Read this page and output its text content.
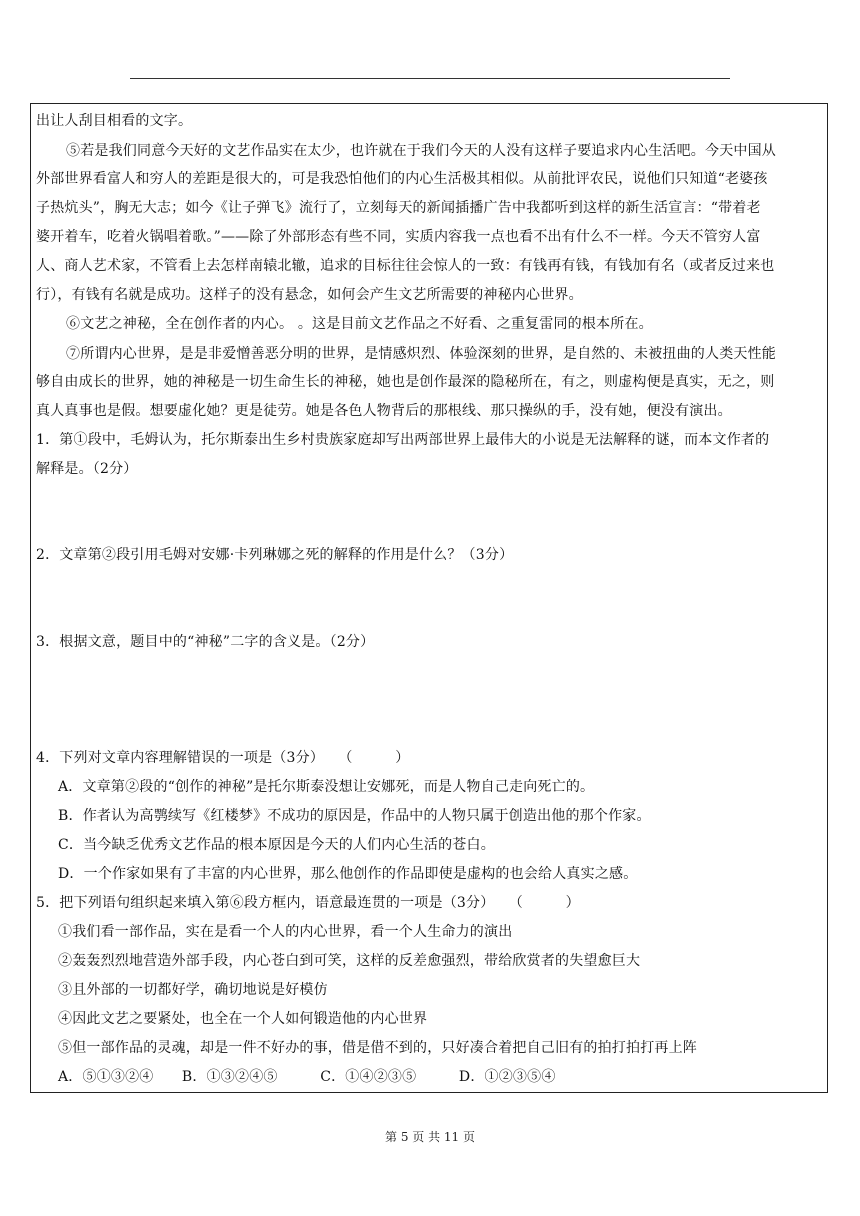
出让人刮目相看的文字。
⑤若是我们同意今天好的文艺作品实在太少，也许就在于我们今天的人没有这样子要追求内心生活吧。今天中国从
外部世界看富人和穷人的差距是很大的，可是我恐怕他们的内心生活极其相似。从前批评农民，说他们只知道“老婆孩
子热炕头”，胸无大志；如今《让子弹飞》流行了，立刻每天的新闻插播广告中我都听到这样的新生活宣言：“带着老
婆开着车，吃着火锅唱着歌。”——除了外部形态有些不同，实质内容我一点也看不出有什么不一样。今天不管穷人富
人、商人艺术家，不管看上去怎样南辕北辙，追求的目标往往会惊人的一致：有钱再有钱，有钱加有名（或者反过来也
行），有钱有名就是成功。这样子的没有悬念，如何会产生文艺所需要的神秘内心世界。
⑥文艺之神秘，全在创作者的内心。 。这是目前文艺作品之不好看、之重复雷同的根本所在。
⑦所谓内心世界，是是非爱憎善恶分明的世界，是情感炽烈、体验深刻的世界，是自然的、未被扭曲的人类天性能
够自由成长的世界，她的神秘是一切生命生长的神秘，她也是创作最深的隐秘所在，有之，则虚构便是真实，无之，则
真人真事也是假。想要虚化她？更是徒劳。她是各色人物背后的那根线、那只操纵的手，没有她，便没有演出。
1．第①段中，毛姆认为，托尔斯泰出生乡村贵族家庭却写出两部世界上最伟大的小说是无法解释的谜，而本文作者的
解释是。（2分）
2．文章第②段引用毛姆对安娜·卡列琳娜之死的解释的作用是什么？（3分）
3．根据文意，题目中的“神秘”二字的含义是。（2分）
4．下列对文章内容理解错误的一项是（3分）　　（　　　）
A．文章第②段的“创作的神秘”是托尔斯泰没想让安娜死，而是人物自己走向死亡的。
B．作者认为高鹗续写《红楼梦》不成功的原因是，作品中的人物只属于创造出他的那个作家。
C．当今缺乏优秀文艺作品的根本原因是今天的人们内心生活的苍白。
D．一个作家如果有了丰富的内心世界，那么他创作的作品即使是虚构的也会给人真实之感。
5．把下列语句组织起来填入第⑥段方框内，语意最连贯的一项是（3分）　　（　　　）
①我们看一部作品，实在是看一个人的内心世界，看一个人生命力的演出
②轰轰烈烈地营造外部手段，内心苍白到可笑，这样的反差愈强烈，带给欣赏者的失望愈巨大
③且外部的一切都好学，确切地说是好模仿
④因此文艺之要紧处，也全在一个人如何锻造他的内心世界
⑤但一部作品的灵魂，却是一件不好办的事，借是借不到的，只好凑合着把自己旧有的拍打拍打再上阵
A．⑤①③②④　　B．①③②④⑤　　　C．①④②③⑤　　　D．①②③⑤④
第 5 页 共 11 页
